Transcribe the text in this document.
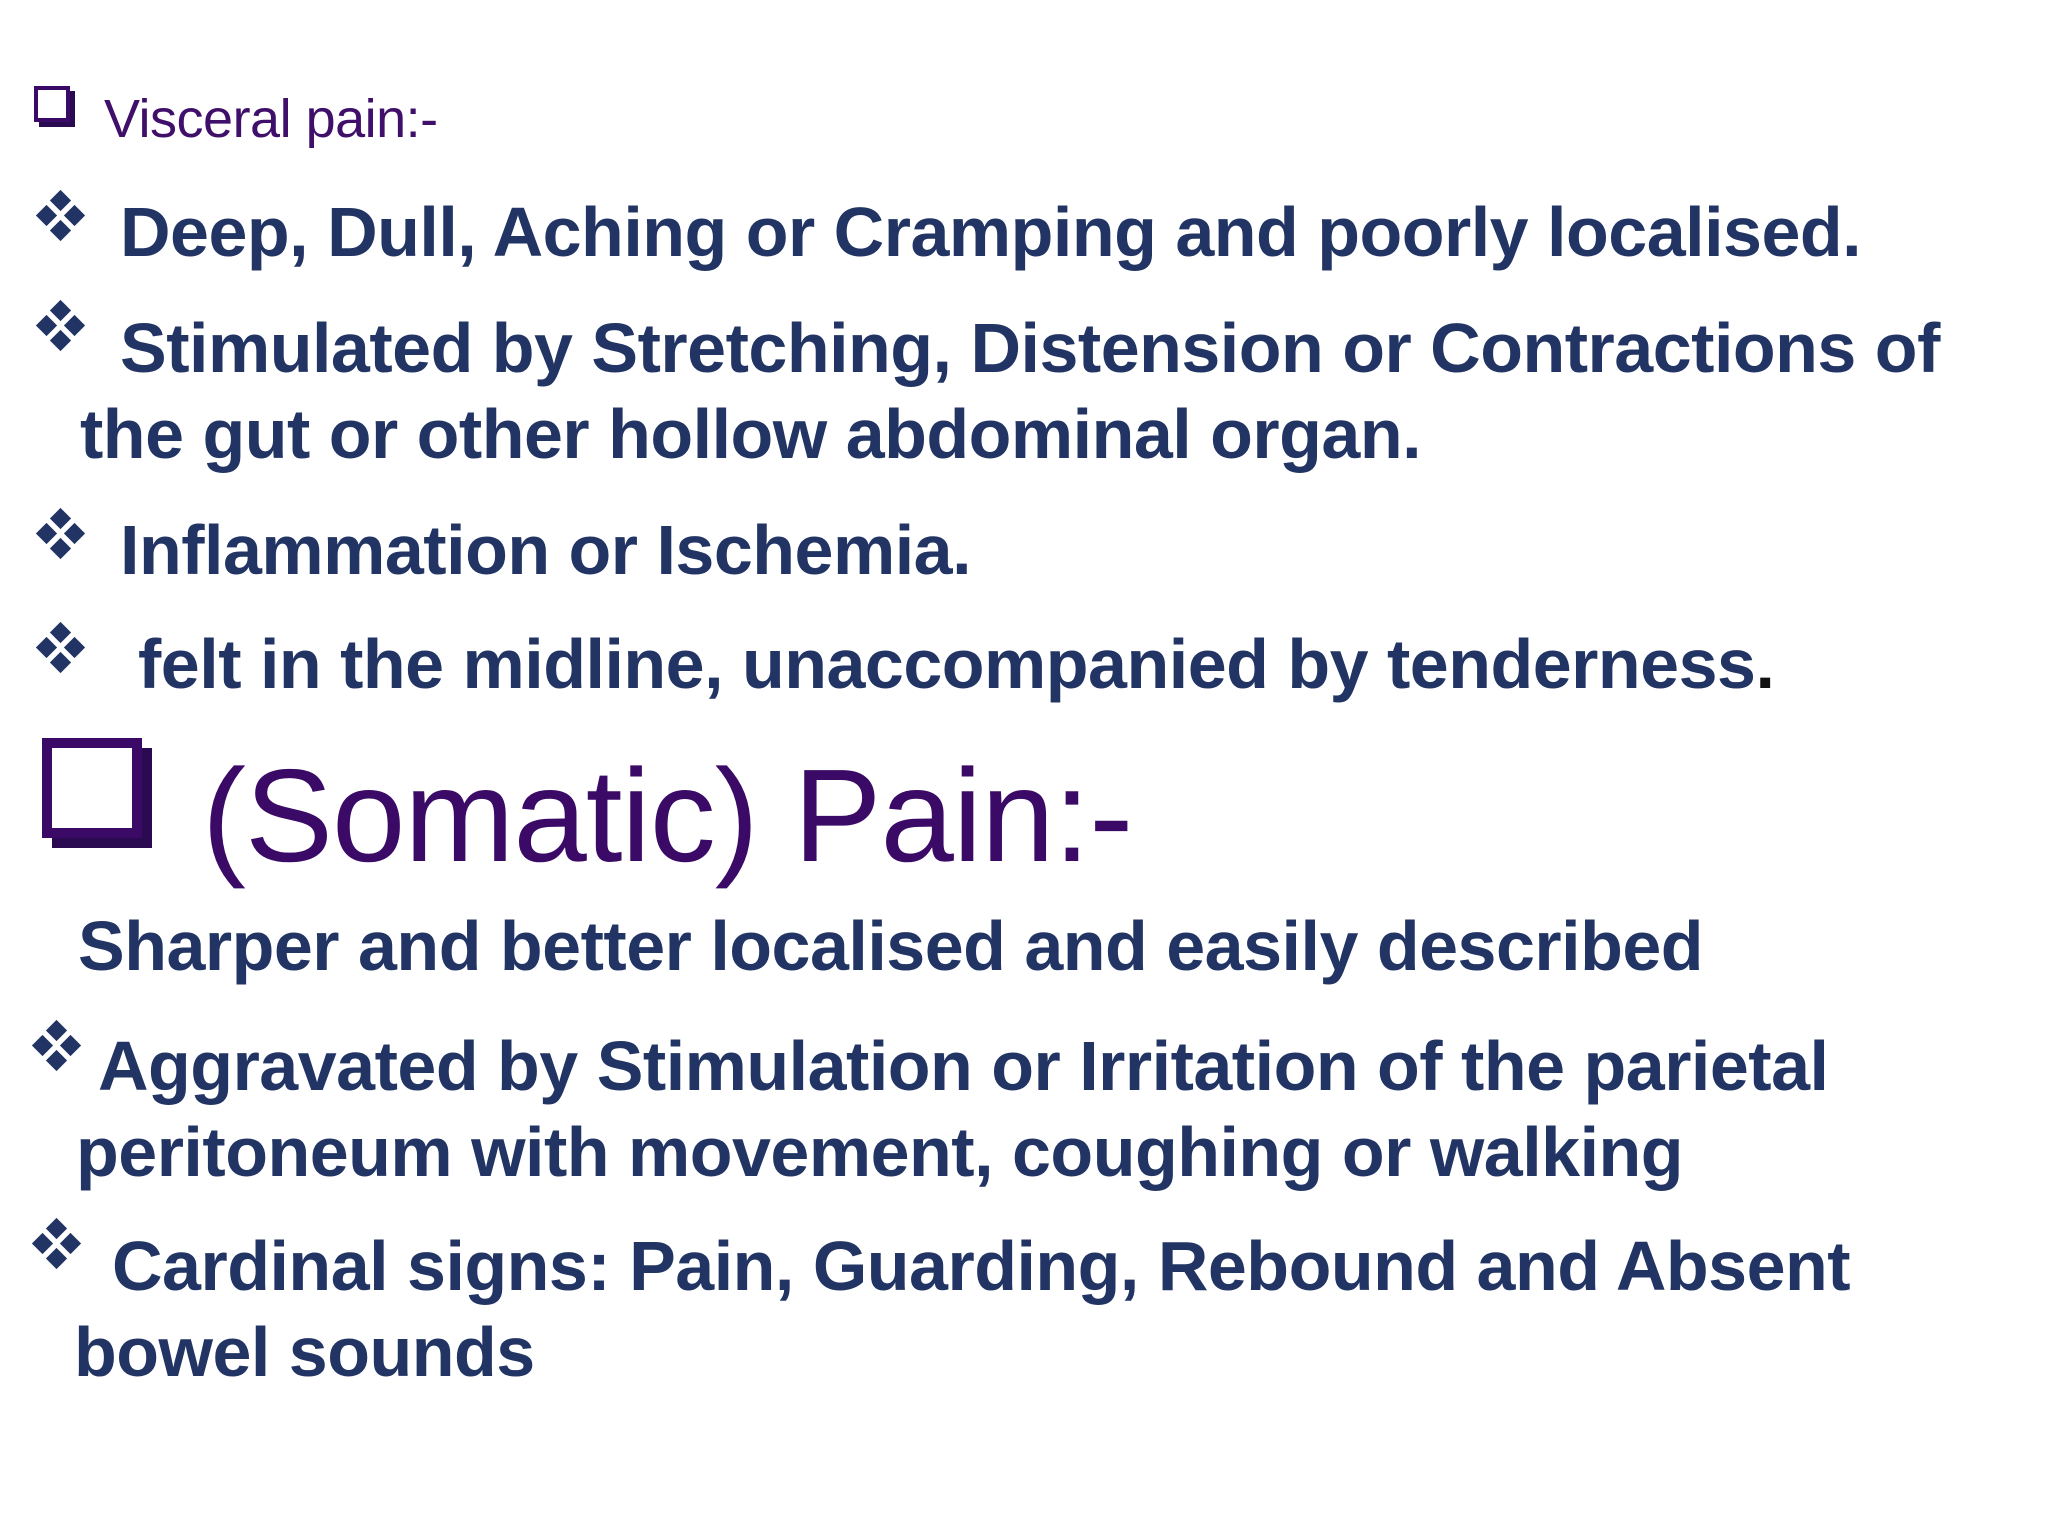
Visceral pain:-
Deep, Dull, Aching or Cramping and poorly localised.
Stimulated by Stretching, Distension or Contractions of
the gut or other hollow abdominal organ.
Inflammation or Ischemia.
felt in the midline, unaccompanied by tenderness.
(Somatic) Pain:-
Sharper and better localised and easily described
Aggravated by Stimulation or Irritation of the parietal
peritoneum with movement, coughing or walking
Cardinal signs: Pain, Guarding, Rebound and Absent
bowel sounds
